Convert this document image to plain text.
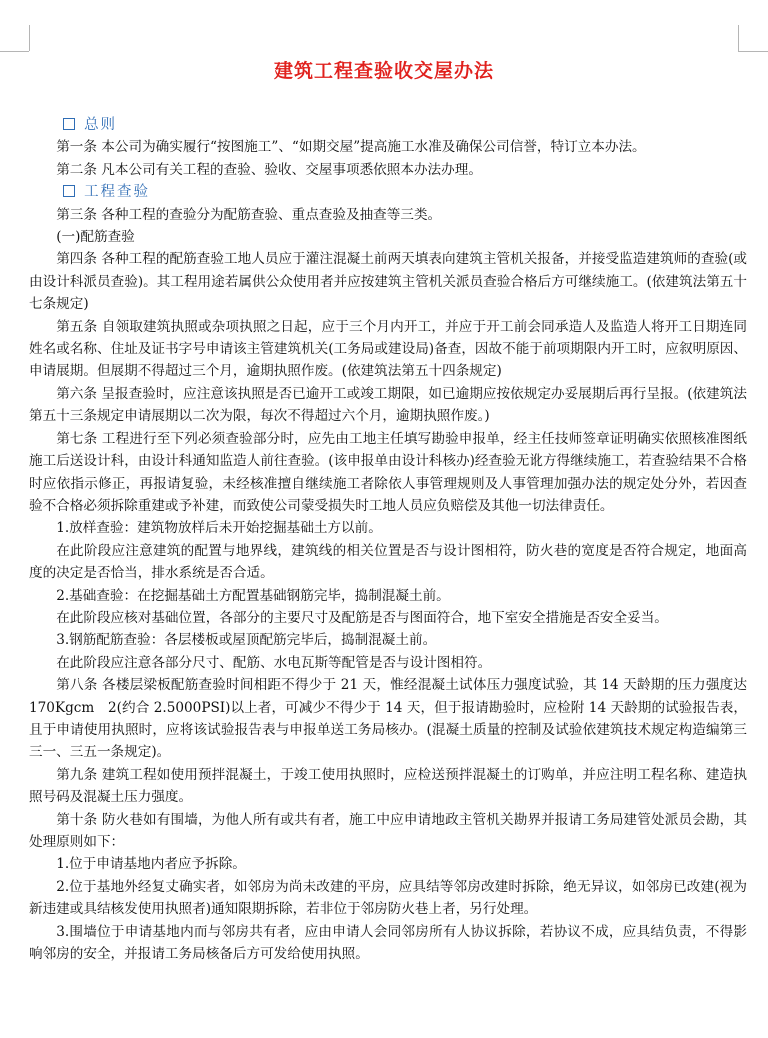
建筑工程查验收交屋办法
总则

第一条 本公司为确实履行“按图施工”、“如期交屋”提高施工水准及确保公司信誉，特订立本办法。

第二条 凡本公司有关工程的查验、验收、交屋事项悉依照本办法办理。

工程查验

第三条 各种工程的查验分为配筋查验、重点查验及抽查等三类。

(一)配筋查验

第四条 各种工程的配筋查验工地人员应于灌注混凝土前两天填表向建筑主管机关报备，并接受监造建筑师的查验(或由设计科派员查验)。其工程用途若属供公众使用者并应按建筑主管机关派员查验合格后方可继续施工。(依建筑法第五十七条规定)

第五条 自领取建筑执照或杂项执照之日起，应于三个月内开工，并应于开工前会同承造人及监造人将开工日期连同姓名或名称、住址及证书字号申请该主管建筑机关(工务局或建设局)备查，因故不能于前项期限内开工时，应叙明原因、申请展期。但展期不得超过三个月，逾期执照作废。(依建筑法第五十四条规定)

第六条 呈报查验时，应注意该执照是否已逾开工或竣工期限，如已逾期应按依规定办妥展期后再行呈报。(依建筑法第五十三条规定申请展期以二次为限，每次不得超过六个月，逾期执照作废。)

第七条 工程进行至下列必须查验部分时，应先由工地主任填写勘验申报单，经主任技师签章证明确实依照核准图纸施工后送设计科，由设计科通知监造人前往查验。(该申报单由设计科核办)经查验无讹方得继续施工，若查验结果不合格时应依指示修正，再报请复验，未经核准擅自继续施工者除依人事管理规则及人事管理加强办法的规定处分外，若因查验不合格必须拆除重建或予补建，而致使公司蒙受损失时工地人员应负赔偿及其他一切法律责任。

1.放样查验：建筑物放样后未开始挖掘基础土方以前。

在此阶段应注意建筑的配置与地界线，建筑线的相关位置是否与设计图相符，防火巷的宽度是否符合规定，地面高度的决定是否恰当，排水系统是否合适。

2.基础查验：在挖掘基础土方配置基础钢筋完毕，捣制混凝土前。

在此阶段应核对基础位置，各部分的主要尺寸及配筋是否与图面符合，地下室安全措施是否安全妥当。

3.钢筋配筋查验：各层楼板或屋顶配筋完毕后，捣制混凝土前。

在此阶段应注意各部分尺寸、配筋、水电瓦斯等配管是否与设计图相符。

第八条 各楼层梁板配筋查验时间相距不得少于 21 天，惟经混凝土试体压力强度试验，其 14 天龄期的压力强度达 170Kgcm　2(约合 2.5000PSI)以上者，可减少不得少于 14 天，但于报请勘验时，应检附 14 天龄期的试验报告表，且于申请使用执照时，应将该试验报告表与申报单送工务局核办。(混凝土质量的控制及试验依建筑技术规定构造编第三三一、三五一条规定)。

第九条 建筑工程如使用预拌混凝土，于竣工使用执照时，应检送预拌混凝土的订购单，并应注明工程名称、建造执照号码及混凝土压力强度。

第十条 防火巷如有围墙，为他人所有或共有者，施工中应申请地政主管机关勘界并报请工务局建管处派员会勘，其处理原则如下：

1.位于申请基地内者应予拆除。

2.位于基地外经复丈确实者，如邻房为尚未改建的平房，应具结等邻房改建时拆除，绝无异议，如邻房已改建(视为新违建或具结核发使用执照者)通知限期拆除，若非位于邻房防火巷上者，另行处理。

3.围墙位于申请基地内而与邻房共有者，应由申请人会同邻房所有人协议拆除，若协议不成，应具结负责，不得影响邻房的安全，并报请工务局核备后方可发给使用执照。
